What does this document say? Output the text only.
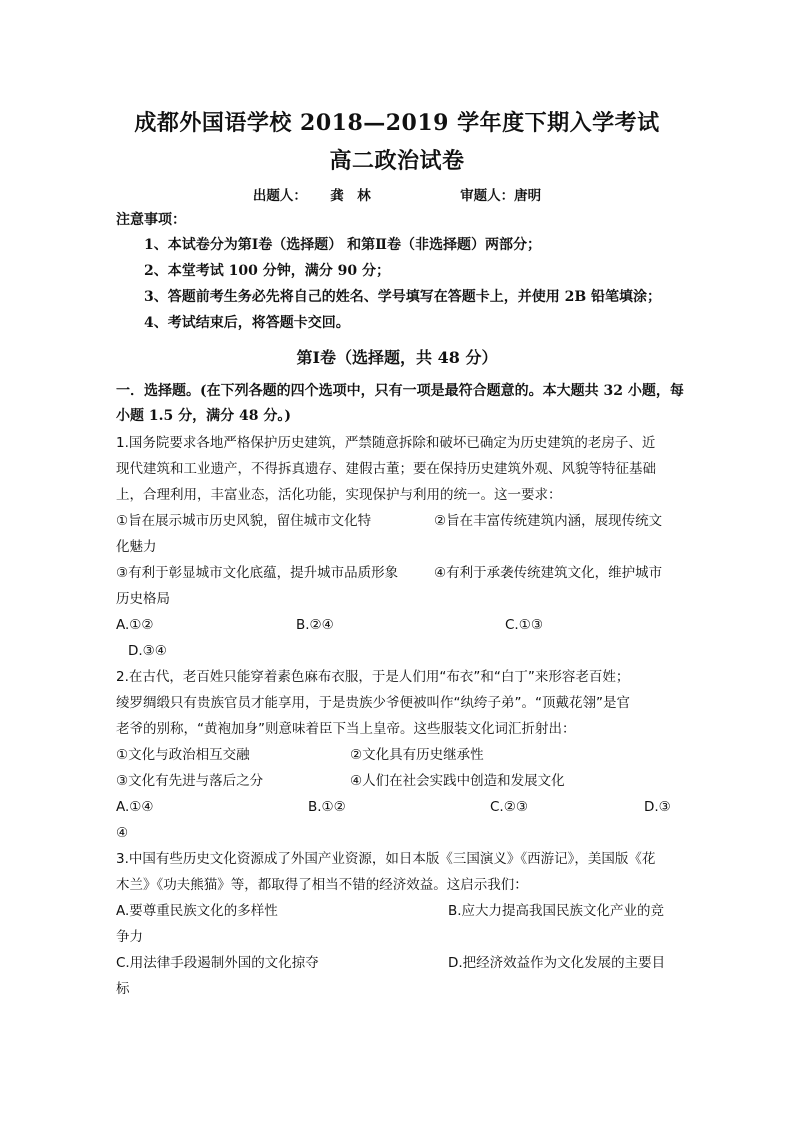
成都外国语学校 2018—2019 学年度下期入学考试
高二政治试卷
出题人： 龚　林	审题人：唐明
注意事项：
1、本试卷分为第Ⅰ卷（选择题） 和第Ⅱ卷（非选择题）两部分；
2、本堂考试 100 分钟，满分 90 分；
3、答题前考生务必先将自己的姓名、学号填写在答题卡上，并使用 2B 铅笔填涂；
4、考试结束后，将答题卡交回。
第Ⅰ卷（选择题，共 48 分）
一．选择题。(在下列各题的四个选项中，只有一项是最符合题意的。本大题共 32 小题，每
小题 1.5 分，满分 48 分。)
1.国务院要求各地严格保护历史建筑，严禁随意拆除和破坏已确定为历史建筑的老房子、近
现代建筑和工业遗产，不得拆真遗存、建假古董；要在保持历史建筑外观、风貌等特征基础
上，合理利用，丰富业态，活化功能，实现保护与利用的统一。这一要求：
①旨在展示城市历史风貌，留住城市文化特	②旨在丰富传统建筑内涵，展现传统文
化魅力
③有利于彰显城市文化底蕴，提升城市品质形象	④有利于承袭传统建筑文化，维护城市
历史格局
A.①②	B.②④	C.①③
D.③④
2.在古代，老百姓只能穿着素色麻布衣服，于是人们用“布衣”和“白丁”来形容老百姓；
绫罗绸缎只有贵族官员才能享用，于是贵族少爷便被叫作“纨绔子弟”。“顶戴花翎”是官
老爷的别称，“黄袍加身”则意味着臣下当上皇帝。这些服装文化词汇折射出：
①文化与政治相互交融	②文化具有历史继承性
③文化有先进与落后之分	④人们在社会实践中创造和发展文化
A.①④	B.①②	C.②③	D.③
④
3.中国有些历史文化资源成了外国产业资源，如日本版《三国演义》《西游记》，美国版《花
木兰》《功夫熊猫》等，都取得了相当不错的经济效益。这启示我们：
A.要尊重民族文化的多样性	B.应大力提高我国民族文化产业的竞
争力
C.用法律手段遏制外国的文化掠夺	D.把经济效益作为文化发展的主要目
标
